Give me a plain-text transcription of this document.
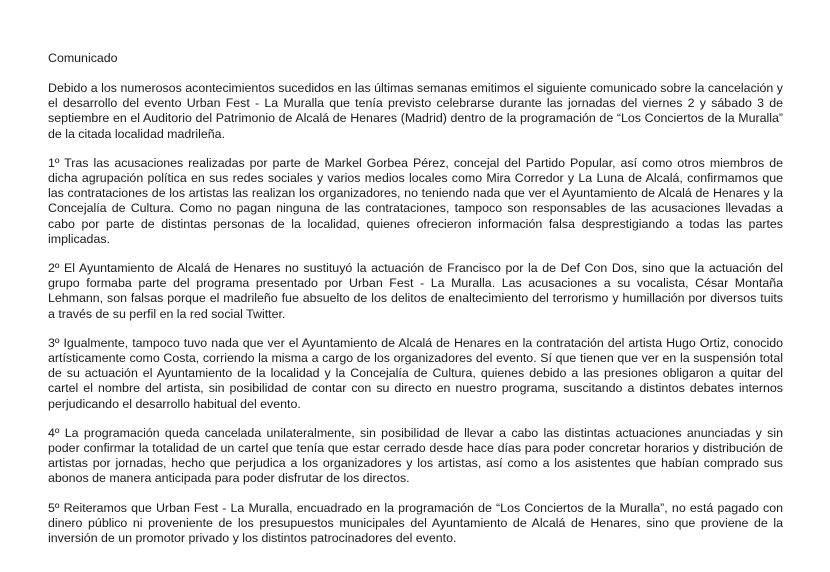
Comunicado

Debido a los numerosos acontecimientos sucedidos en las últimas semanas emitimos el siguiente comunicado sobre la cancelación y el desarrollo del evento Urban Fest - La Muralla que tenía previsto celebrarse durante las jornadas del viernes 2 y sábado 3 de septiembre en el Auditorio del Patrimonio de Alcalá de Henares (Madrid) dentro de la programación de “Los Conciertos de la Muralla” de la citada localidad madrileña.

1º Tras las acusaciones realizadas por parte de Markel Gorbea Pérez, concejal del Partido Popular, así como otros miembros de dicha agrupación política en sus redes sociales y varios medios locales como Mira Corredor y La Luna de Alcalá, confirmamos que las contrataciones de los artistas las realizan los organizadores, no teniendo nada que ver el Ayuntamiento de Alcalá de Henares y la Concejalía de Cultura. Como no pagan ninguna de las contrataciones, tampoco son responsables de las acusaciones llevadas a cabo por parte de distintas personas de la localidad, quienes ofrecieron información falsa desprestigiando a todas las partes implicadas.

2º El Ayuntamiento de Alcalá de Henares no sustituyó la actuación de Francisco por la de Def Con Dos, sino que la actuación del grupo formaba parte del programa presentado por Urban Fest - La Muralla. Las acusaciones a su vocalista, César Montaña Lehmann, son falsas porque el madrileño fue absuelto de los delitos de enaltecimiento del terrorismo y humillación por diversos tuits a través de su perfil en la red social Twitter.

3º Igualmente, tampoco tuvo nada que ver el Ayuntamiento de Alcalá de Henares en la contratación del artista Hugo Ortiz, conocido artísticamente como Costa, corriendo la misma a cargo de los organizadores del evento. Sí que tienen que ver en la suspensión total de su actuación el Ayuntamiento de la localidad y la Concejalía de Cultura, quienes debido a las presiones obligaron a quitar del cartel el nombre del artista, sin posibilidad de contar con su directo en nuestro programa, suscitando a distintos debates internos perjudicando el desarrollo habitual del evento.

4º La programación queda cancelada unilateralmente, sin posibilidad de llevar a cabo las distintas actuaciones anunciadas y sin poder confirmar la totalidad de un cartel que tenía que estar cerrado desde hace días para poder concretar horarios y distribución de artistas por jornadas, hecho que perjudica a los organizadores y los artistas, así como a los asistentes que habían comprado sus abonos de manera anticipada para poder disfrutar de los directos.

5º Reiteramos que Urban Fest - La Muralla, encuadrado en la programación de “Los Conciertos de la Muralla”, no está pagado con dinero público ni proveniente de los presupuestos municipales del Ayuntamiento de Alcalá de Henares, sino que proviene de la inversión de un promotor privado y los distintos patrocinadores del evento.
